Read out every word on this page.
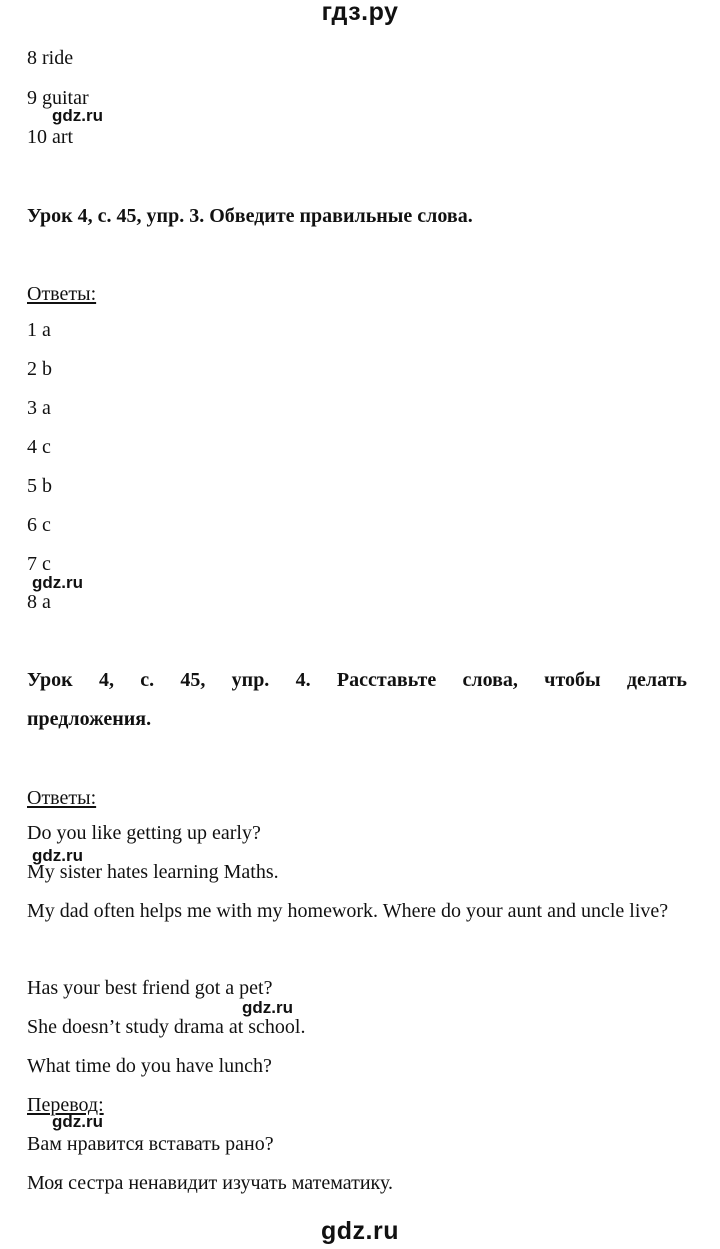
гдз.ру
8 ride
9 guitar
10 art
Урок 4, с. 45, упр. 3. Обведите правильные слова.
Ответы:
1 a
2 b
3 a
4 c
5 b
6 c
7 c
8 a
Урок 4, с. 45, упр. 4. Расставьте слова, чтобы делать
предложения.
Ответы:
Do you like getting up early?
My sister hates learning Maths.
My dad often helps me with my homework. Where do your aunt and uncle live?
Has your best friend got a pet?
She doesn’t study drama at school.
What time do you have lunch?
Перевод:
Вам нравится вставать рано?
Моя сестра ненавидит изучать математику.
gdz.ru
gdz.ru
gdz.ru
gdz.ru
gdz.ru
gdz.ru
